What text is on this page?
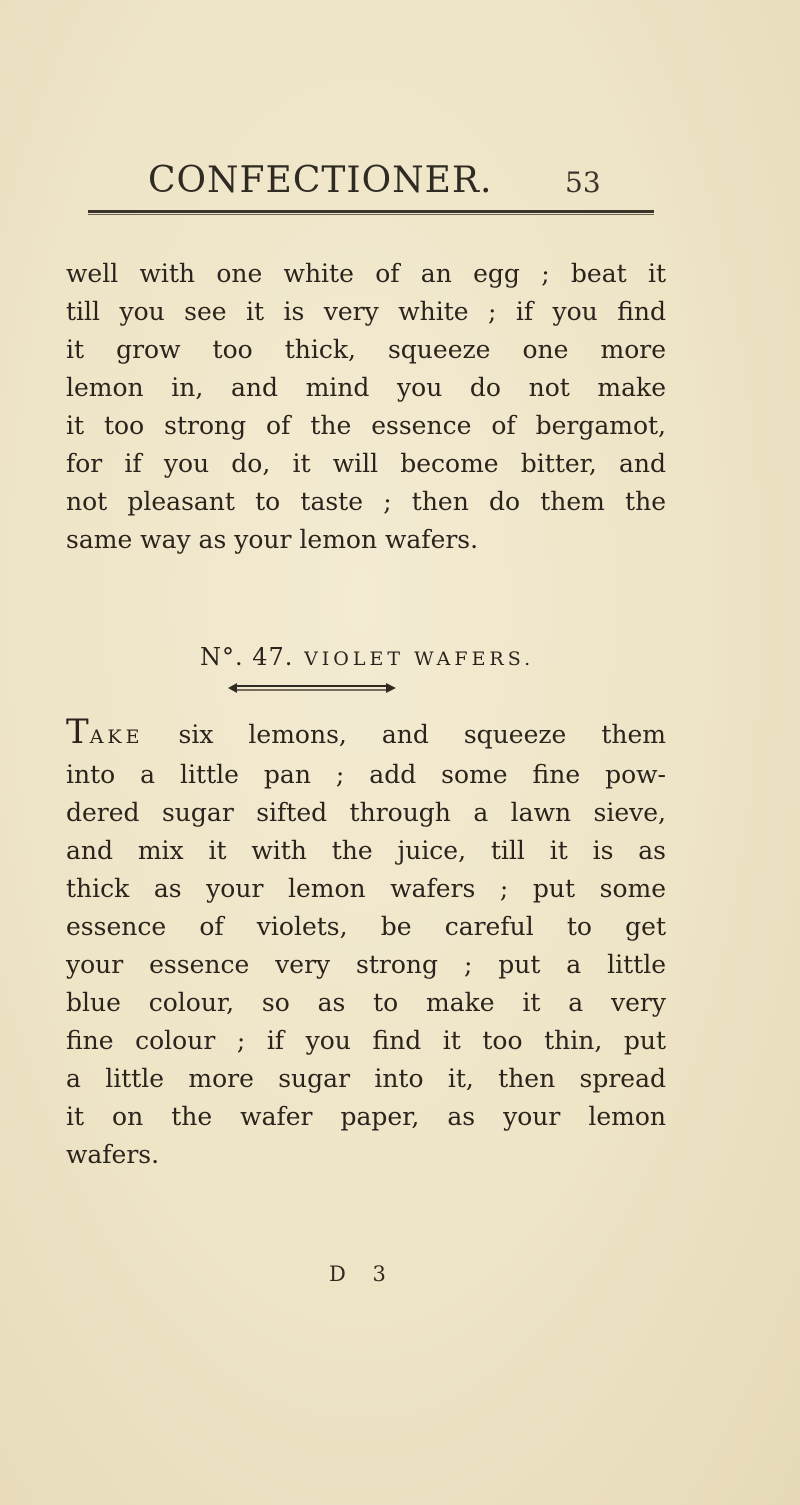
CONFECTIONER.	53
well with one white of an egg ; beat it
till you see it is very white ; if you find
it grow too thick, squeeze one more
lemon in, and mind you do not make
it too strong of the essence of bergamot,
for if you do, it will become bitter, and
not pleasant to taste ; then do them the
same way as your lemon wafers.
N°. 47. VIOLET WAFERS.
TAKE six lemons, and squeeze them
into a little pan ; add some fine pow-
dered sugar sifted through a lawn sieve,
and mix it with the juice, till it is as
thick as your lemon wafers ; put some
essence of violets, be careful to get
your essence very strong ; put a little
blue colour, so as to make it a very
fine colour ; if you find it too thin, put
a little more sugar into it, then spread
it on the wafer paper, as your lemon
wafers.
D 3
